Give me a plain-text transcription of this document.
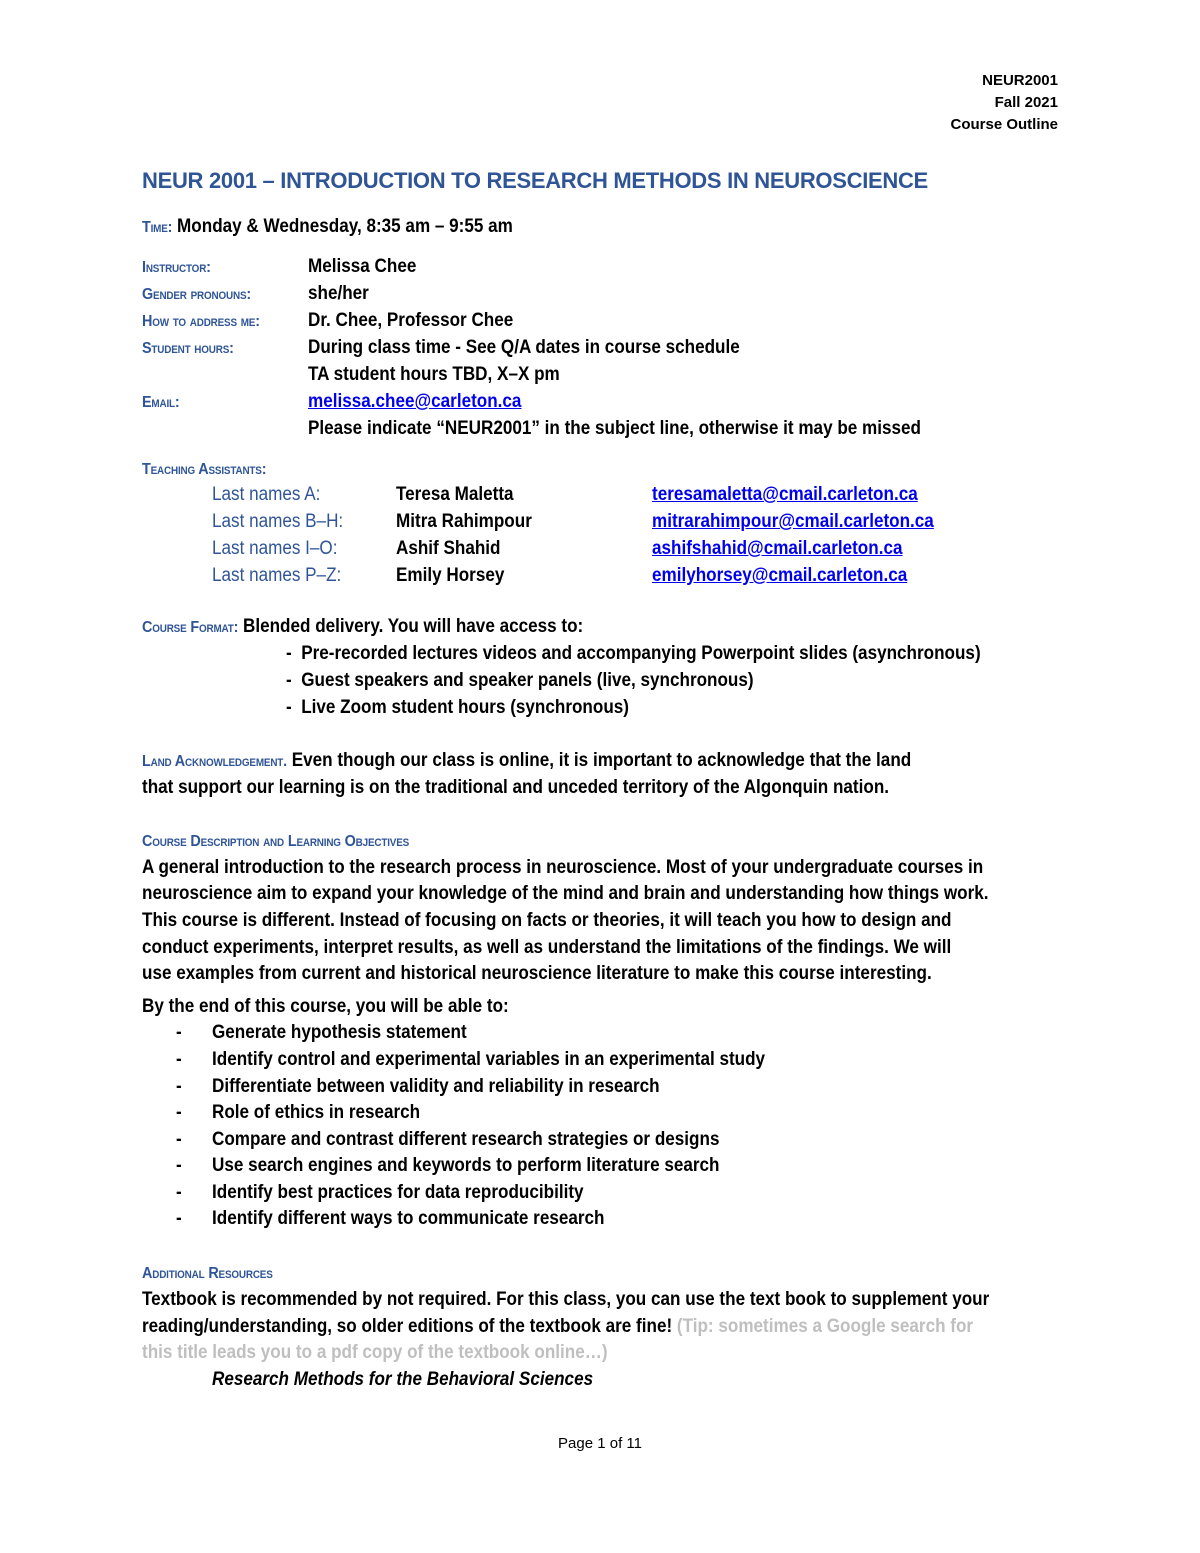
NEUR2001
Fall 2021
Course Outline
NEUR 2001 – INTRODUCTION TO RESEARCH METHODS IN NEUROSCIENCE
Time: Monday & Wednesday, 8:35 am – 9:55 am
Instructor:	Melissa Chee
Gender pronouns:	she/her
How to address me:	Dr. Chee, Professor Chee
Student hours:	During class time - See Q/A dates in course schedule
TA student hours TBD, X–X pm
Email:	melissa.chee@carleton.ca
Please indicate “NEUR2001” in the subject line, otherwise it may be missed
Teaching Assistants:
Last names A:	Teresa Maletta	teresamaletta@cmail.carleton.ca
Last names B–H:	Mitra Rahimpour	mitrarahimpour@cmail.carleton.ca
Last names I–O:	Ashif Shahid	ashifshahid@cmail.carleton.ca
Last names P–Z:	Emily Horsey	emilyhorsey@cmail.carleton.ca
Course Format: Blended delivery. You will have access to:
-  Pre-recorded lectures videos and accompanying Powerpoint slides (asynchronous)
-  Guest speakers and speaker panels (live, synchronous)
-  Live Zoom student hours (synchronous)
Land Acknowledgement. Even though our class is online, it is important to acknowledge that the land
that support our learning is on the traditional and unceded territory of the Algonquin nation.
Course Description and Learning Objectives
A general introduction to the research process in neuroscience. Most of your undergraduate courses in
neuroscience aim to expand your knowledge of the mind and brain and understanding how things work.
This course is different. Instead of focusing on facts or theories, it will teach you how to design and
conduct experiments, interpret results, as well as understand the limitations of the findings. We will
use examples from current and historical neuroscience literature to make this course interesting.
By the end of this course, you will be able to:
- Generate hypothesis statement
- Identify control and experimental variables in an experimental study
- Differentiate between validity and reliability in research
- Role of ethics in research
- Compare and contrast different research strategies or designs
- Use search engines and keywords to perform literature search
- Identify best practices for data reproducibility
- Identify different ways to communicate research
Additional Resources
Textbook is recommended by not required. For this class, you can use the text book to supplement your
reading/understanding, so older editions of the textbook are fine! (Tip: sometimes a Google search for
this title leads you to a pdf copy of the textbook online…)
Research Methods for the Behavioral Sciences
Page 1 of 11
